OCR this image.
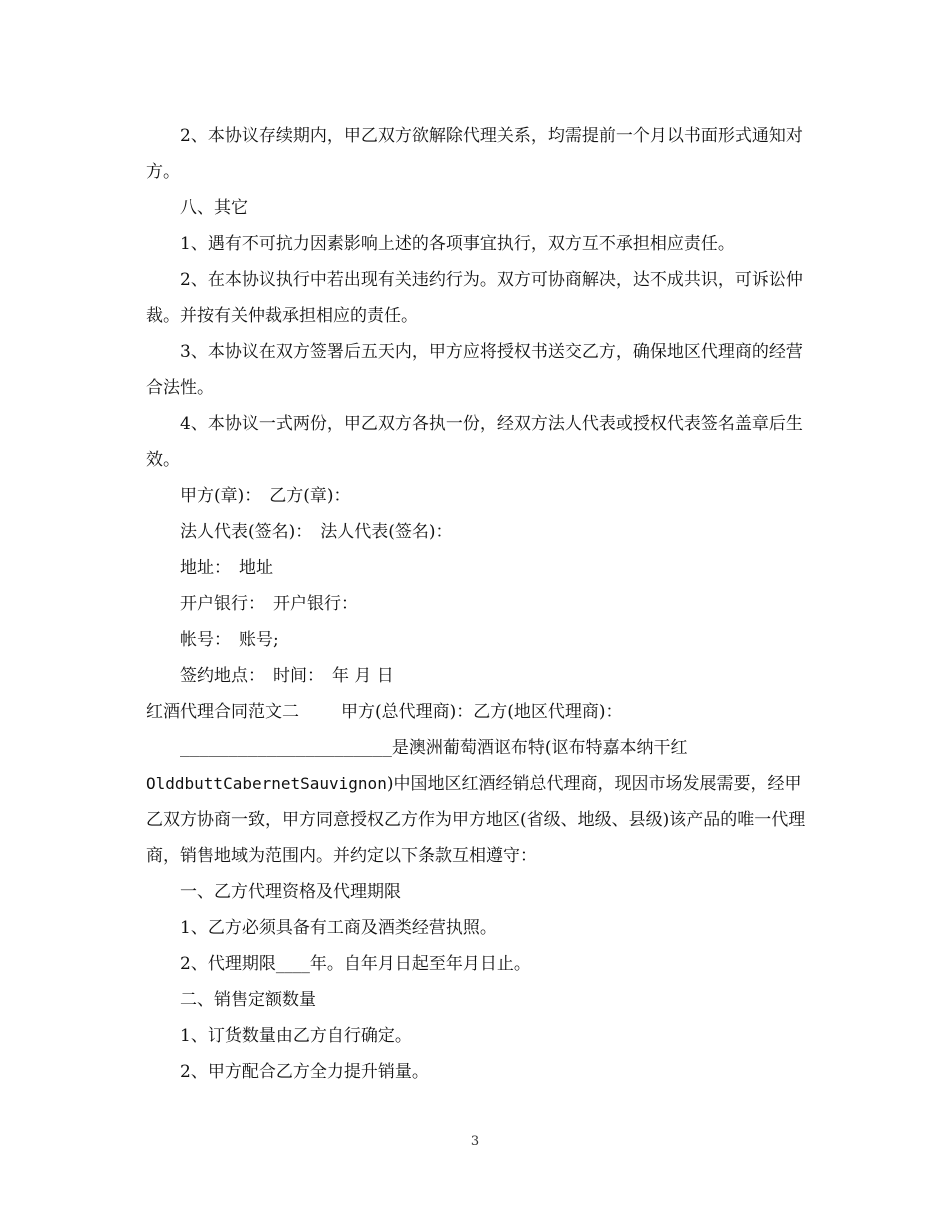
2、本协议存续期内，甲乙双方欲解除代理关系，均需提前一个月以书面形式通知对方。

八、其它

1、遇有不可抗力因素影响上述的各项事宜执行，双方互不承担相应责任。

2、在本协议执行中若出现有关违约行为。双方可协商解决，达不成共识，可诉讼仲裁。并按有关仲裁承担相应的责任。

3、本协议在双方签署后五天内，甲方应将授权书送交乙方，确保地区代理商的经营合法性。

4、本协议一式两份，甲乙双方各执一份，经双方法人代表或授权代表签名盖章后生效。

甲方(章)： 乙方(章)：
法人代表(签名)： 法人代表(签名)：
地址： 地址
开户银行： 开户银行：
帐号： 账号;
签约地点： 时间： 年 月 日
红酒代理合同范文二 甲方(总代理商)：乙方(地区代理商)：

______________________是澳洲葡萄酒讴布特(讴布特嘉本纳干红OlddbuttCabernetSauvignon)中国地区红酒经销总代理商，现因市场发展需要，经甲乙双方协商一致，甲方同意授权乙方作为甲方地区(省级、地级、县级)该产品的唯一代理商，销售地域为范围内。并约定以下条款互相遵守：

一、乙方代理资格及代理期限

1、乙方必须具备有工商及酒类经营执照。

2、代理期限____年。自年月日起至年月日止。

二、销售定额数量

1、订货数量由乙方自行确定。

2、甲方配合乙方全力提升销量。

3
